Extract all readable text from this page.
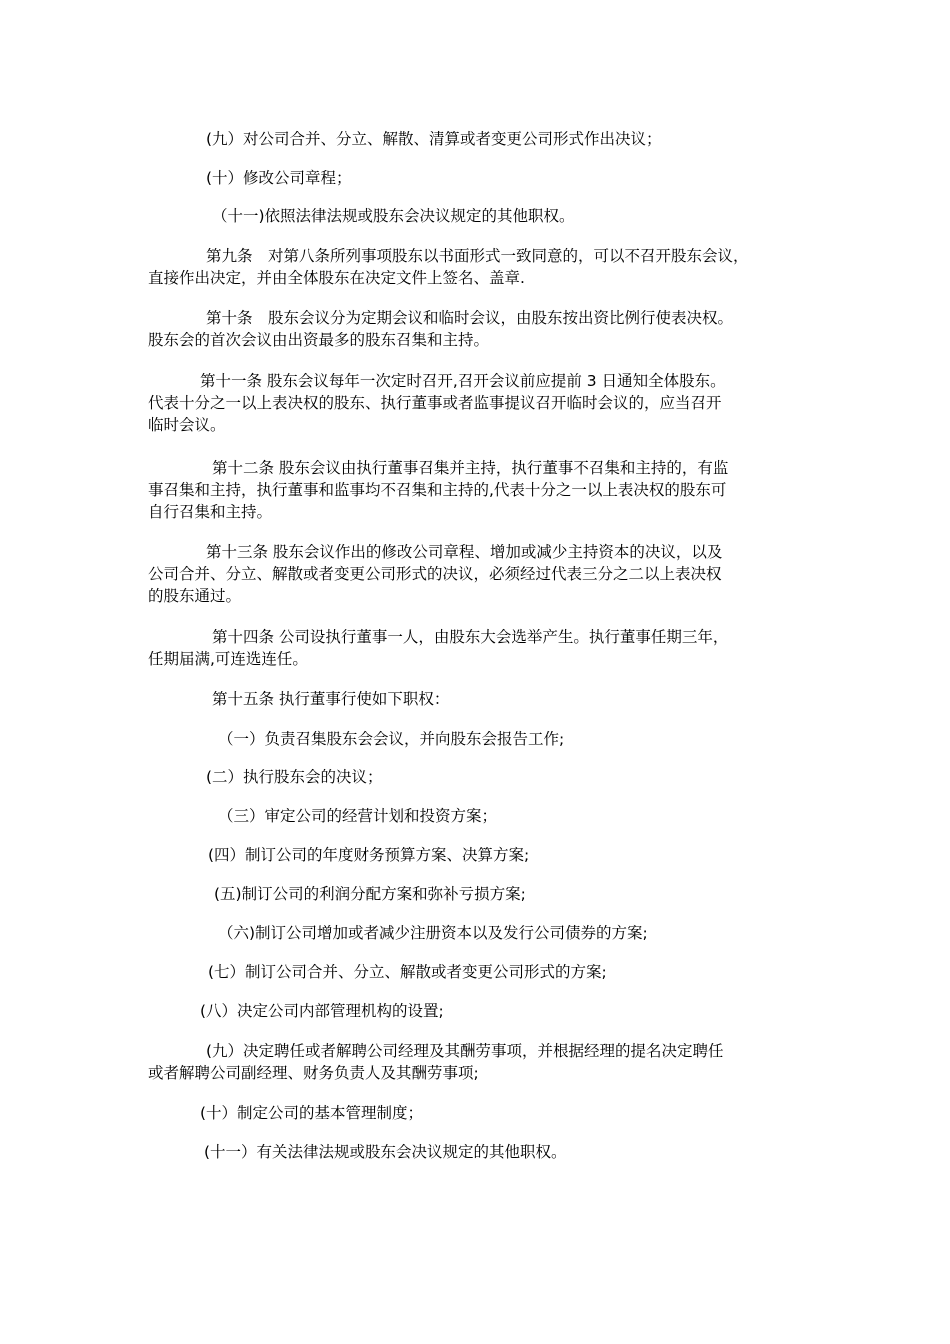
(九）对公司合并、分立、解散、清算或者变更公司形式作出决议；
(十）修改公司章程；
（十一)依照法律法规或股东会决议规定的其他职权。
第九条　对第八条所列事项股东以书面形式一致同意的，可以不召开股东会议，
直接作出决定，并由全体股东在决定文件上签名、盖章.
第十条　股东会议分为定期会议和临时会议，由股东按出资比例行使表决权。
股东会的首次会议由出资最多的股东召集和主持。
第十一条 股东会议每年一次定时召开,召开会议前应提前 3 日通知全体股东。
代表十分之一以上表决权的股东、执行董事或者监事提议召开临时会议的，应当召开
临时会议。
第十二条 股东会议由执行董事召集并主持，执行董事不召集和主持的，有监
事召集和主持，执行董事和监事均不召集和主持的,代表十分之一以上表决权的股东可
自行召集和主持。
第十三条 股东会议作出的修改公司章程、增加或减少主持资本的决议，以及
公司合并、分立、解散或者变更公司形式的决议，必须经过代表三分之二以上表决权
的股东通过。
第十四条 公司设执行董事一人，由股东大会选举产生。执行董事任期三年，
任期届满,可连选连任。
第十五条 执行董事行使如下职权：
（一）负责召集股东会会议，并向股东会报告工作;
(二）执行股东会的决议；
（三）审定公司的经营计划和投资方案；
(四）制订公司的年度财务预算方案、决算方案;
(五)制订公司的利润分配方案和弥补亏损方案;
（六)制订公司增加或者减少注册资本以及发行公司债券的方案;
(七）制订公司合并、分立、解散或者变更公司形式的方案;
(八）决定公司内部管理机构的设置;
(九）决定聘任或者解聘公司经理及其酬劳事项，并根据经理的提名决定聘任
或者解聘公司副经理、财务负责人及其酬劳事项;
(十）制定公司的基本管理制度；
(十一）有关法律法规或股东会决议规定的其他职权。
